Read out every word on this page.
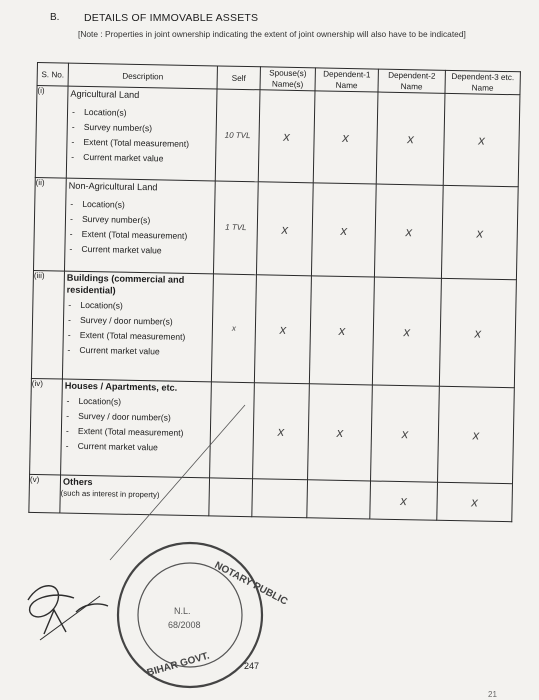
B. DETAILS OF IMMOVABLE ASSETS
[Note : Properties in joint ownership indicating the extent of joint ownership will also have to be indicated]
S. No.	Description	Self	Spouse(s) Name(s)	Dependent-1 Name	Dependent-2 Name	Dependent-3 etc. Name
(i)	Agricultural Land
- Location(s)
- Survey number(s)
- Extent (Total measurement)
- Current market value	10 TVL	x	x	x	x
(ii)	Non-Agricultural Land
- Location(s)
- Survey number(s)
- Extent (Total measurement)
- Current market value	1 TVL	x	x	x	x
(iii)	Buildings (commercial and residential)
- Location(s)
- Survey / door number(s)
- Extent (Total measurement)
- Current market value	x	x	x	x	x
(iv)	Houses / Apartments, etc.
- Location(s)
- Survey / door number(s)
- Extent (Total measurement)
- Current market value		x	x	x	x
(v)	Others
(such as interest in property)				x	x
NOTARY PUBLIC
BIHAR GOVT.
N.L.
68/2008
247
21
